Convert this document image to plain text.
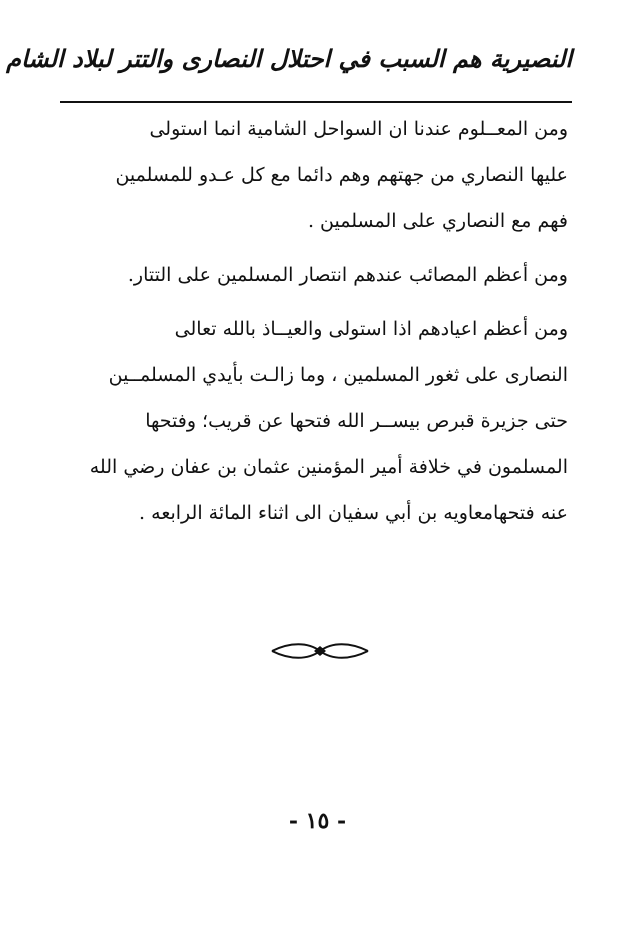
النصيرية هم السبب في احتلال النصارى والتتر لبلاد الشام

ومن المعــلوم عندنا ان السواحل الشامية انما استولى
عليها النصاري من جهتهم وهم دائما مع كل عـدو للمسلمين
فهم مع النصاري على المسلمين .

ومن أعظم المصائب عندهم انتصار المسلمين على التتار.

ومن أعظم اعيادهم اذا استولى والعيــاذ بالله تعالى
النصارى على ثغور المسلمين ، وما زالـت بأيدي المسلمــين
حتى جزيرة قبرص بيســر الله فتحها عن قريب؛ وفتحها
المسلمون في خلافة أمير المؤمنين عثمان بن عفان رضي الله
عنه فتحهامعاويه بن أبي سفيان الى اثناء المائة الرابعه .

- ١٥ -
